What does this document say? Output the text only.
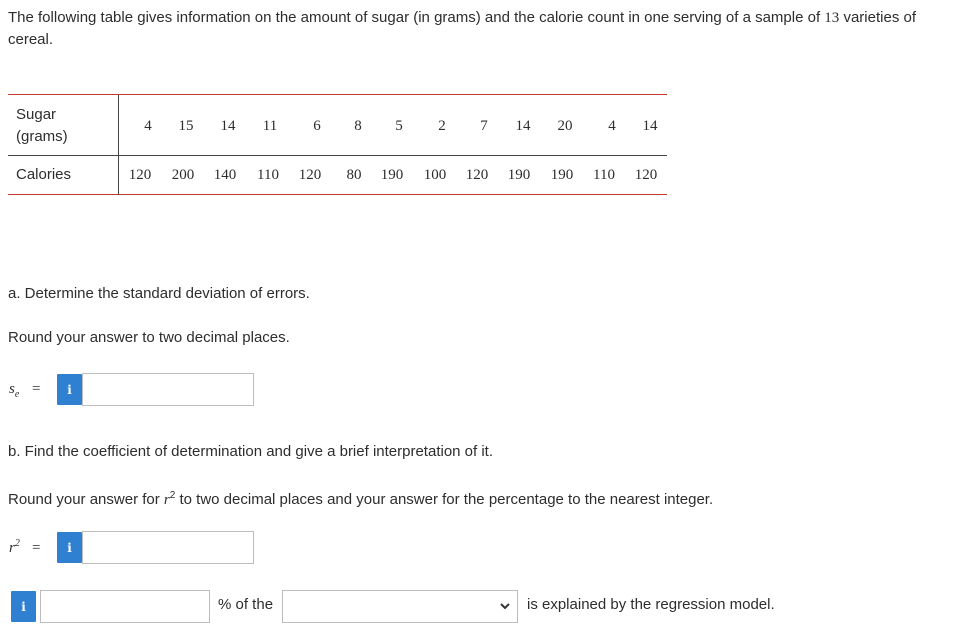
The following table gives information on the amount of sugar (in grams) and the calorie count in one serving of a sample of 13 varieties of cereal.
Sugar
(grams)
4	15	14	11	6	8	5	2	7	14	20	4	14
Calories	120	200	140	110	120	80	190	100	120	190	190	110	120
a. Determine the standard deviation of errors.
Round your answer to two decimal places.
$s_e$ =	i
b. Find the coefficient of determination and give a brief interpretation of it.
Round your answer for $r^2$ to two decimal places and your answer for the percentage to the nearest integer.
$r^2$ =	i
i	% of the	is explained by the regression model.
